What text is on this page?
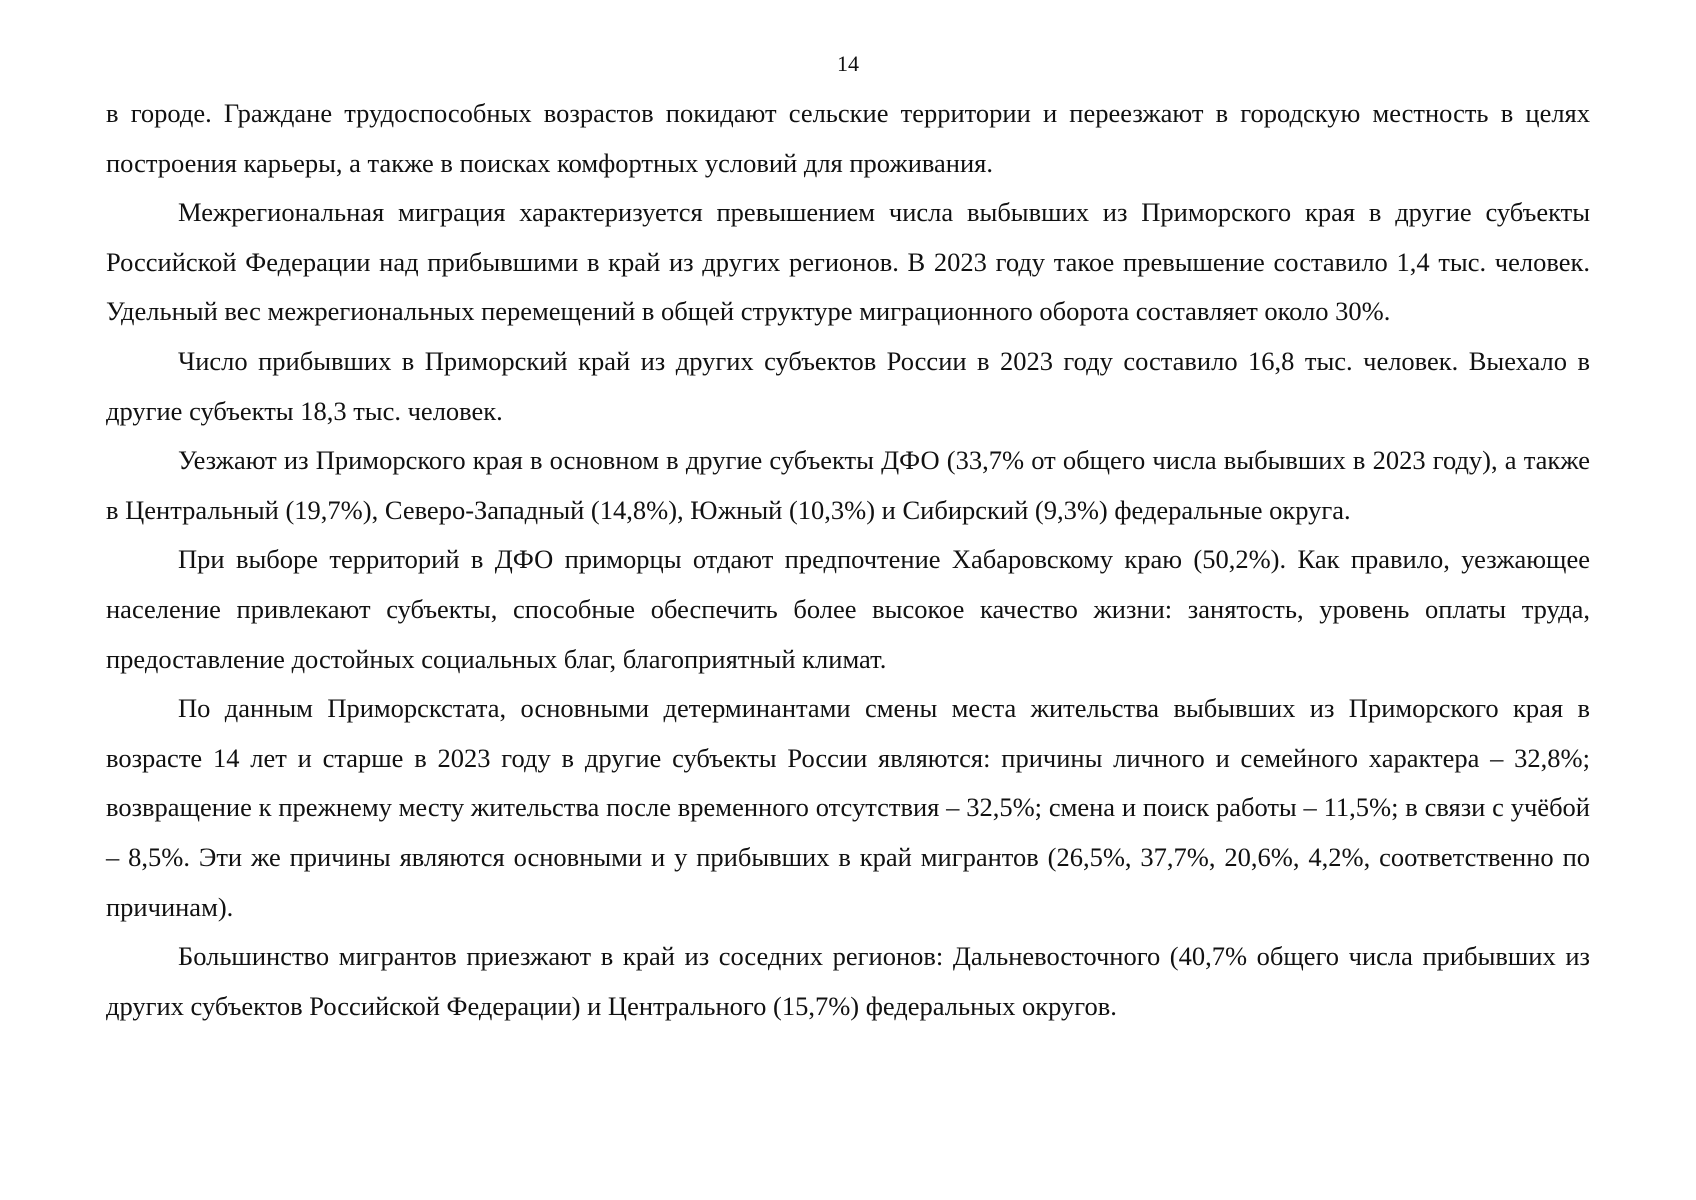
14

в городе. Граждане трудоспособных возрастов покидают сельские территории и переезжают в городскую местность в целях построения карьеры, а также в поисках комфортных условий для проживания.

Межрегиональная миграция характеризуется превышением числа выбывших из Приморского края в другие субъекты Российской Федерации над прибывшими в край из других регионов. В 2023 году такое превышение составило 1,4 тыс. человек. Удельный вес межрегиональных перемещений в общей структуре миграционного оборота составляет около 30%.

Число прибывших в Приморский край из других субъектов России в 2023 году составило 16,8 тыс. человек. Выехало в другие субъекты 18,3 тыс. человек.

Уезжают из Приморского края в основном в другие субъекты ДФО (33,7% от общего числа выбывших в 2023 году), а также в Центральный (19,7%), Северо-Западный (14,8%), Южный (10,3%) и Сибирский (9,3%) федеральные округа.

При выборе территорий в ДФО приморцы отдают предпочтение Хабаровскому краю (50,2%). Как правило, уезжающее население привлекают субъекты, способные обеспечить более высокое качество жизни: занятость, уровень оплаты труда, предоставление достойных социальных благ, благоприятный климат.

По данным Приморскстата, основными детерминантами смены места жительства выбывших из Приморского края в возрасте 14 лет и старше в 2023 году в другие субъекты России являются: причины личного и семейного характера – 32,8%; возвращение к прежнему месту жительства после временного отсутствия – 32,5%; смена и поиск работы – 11,5%; в связи с учёбой – 8,5%. Эти же причины являются основными и у прибывших в край мигрантов (26,5%, 37,7%, 20,6%, 4,2%, соответственно по причинам).

Большинство мигрантов приезжают в край из соседних регионов: Дальневосточного (40,7% общего числа прибывших из других субъектов Российской Федерации) и Центрального (15,7%) федеральных округов.
